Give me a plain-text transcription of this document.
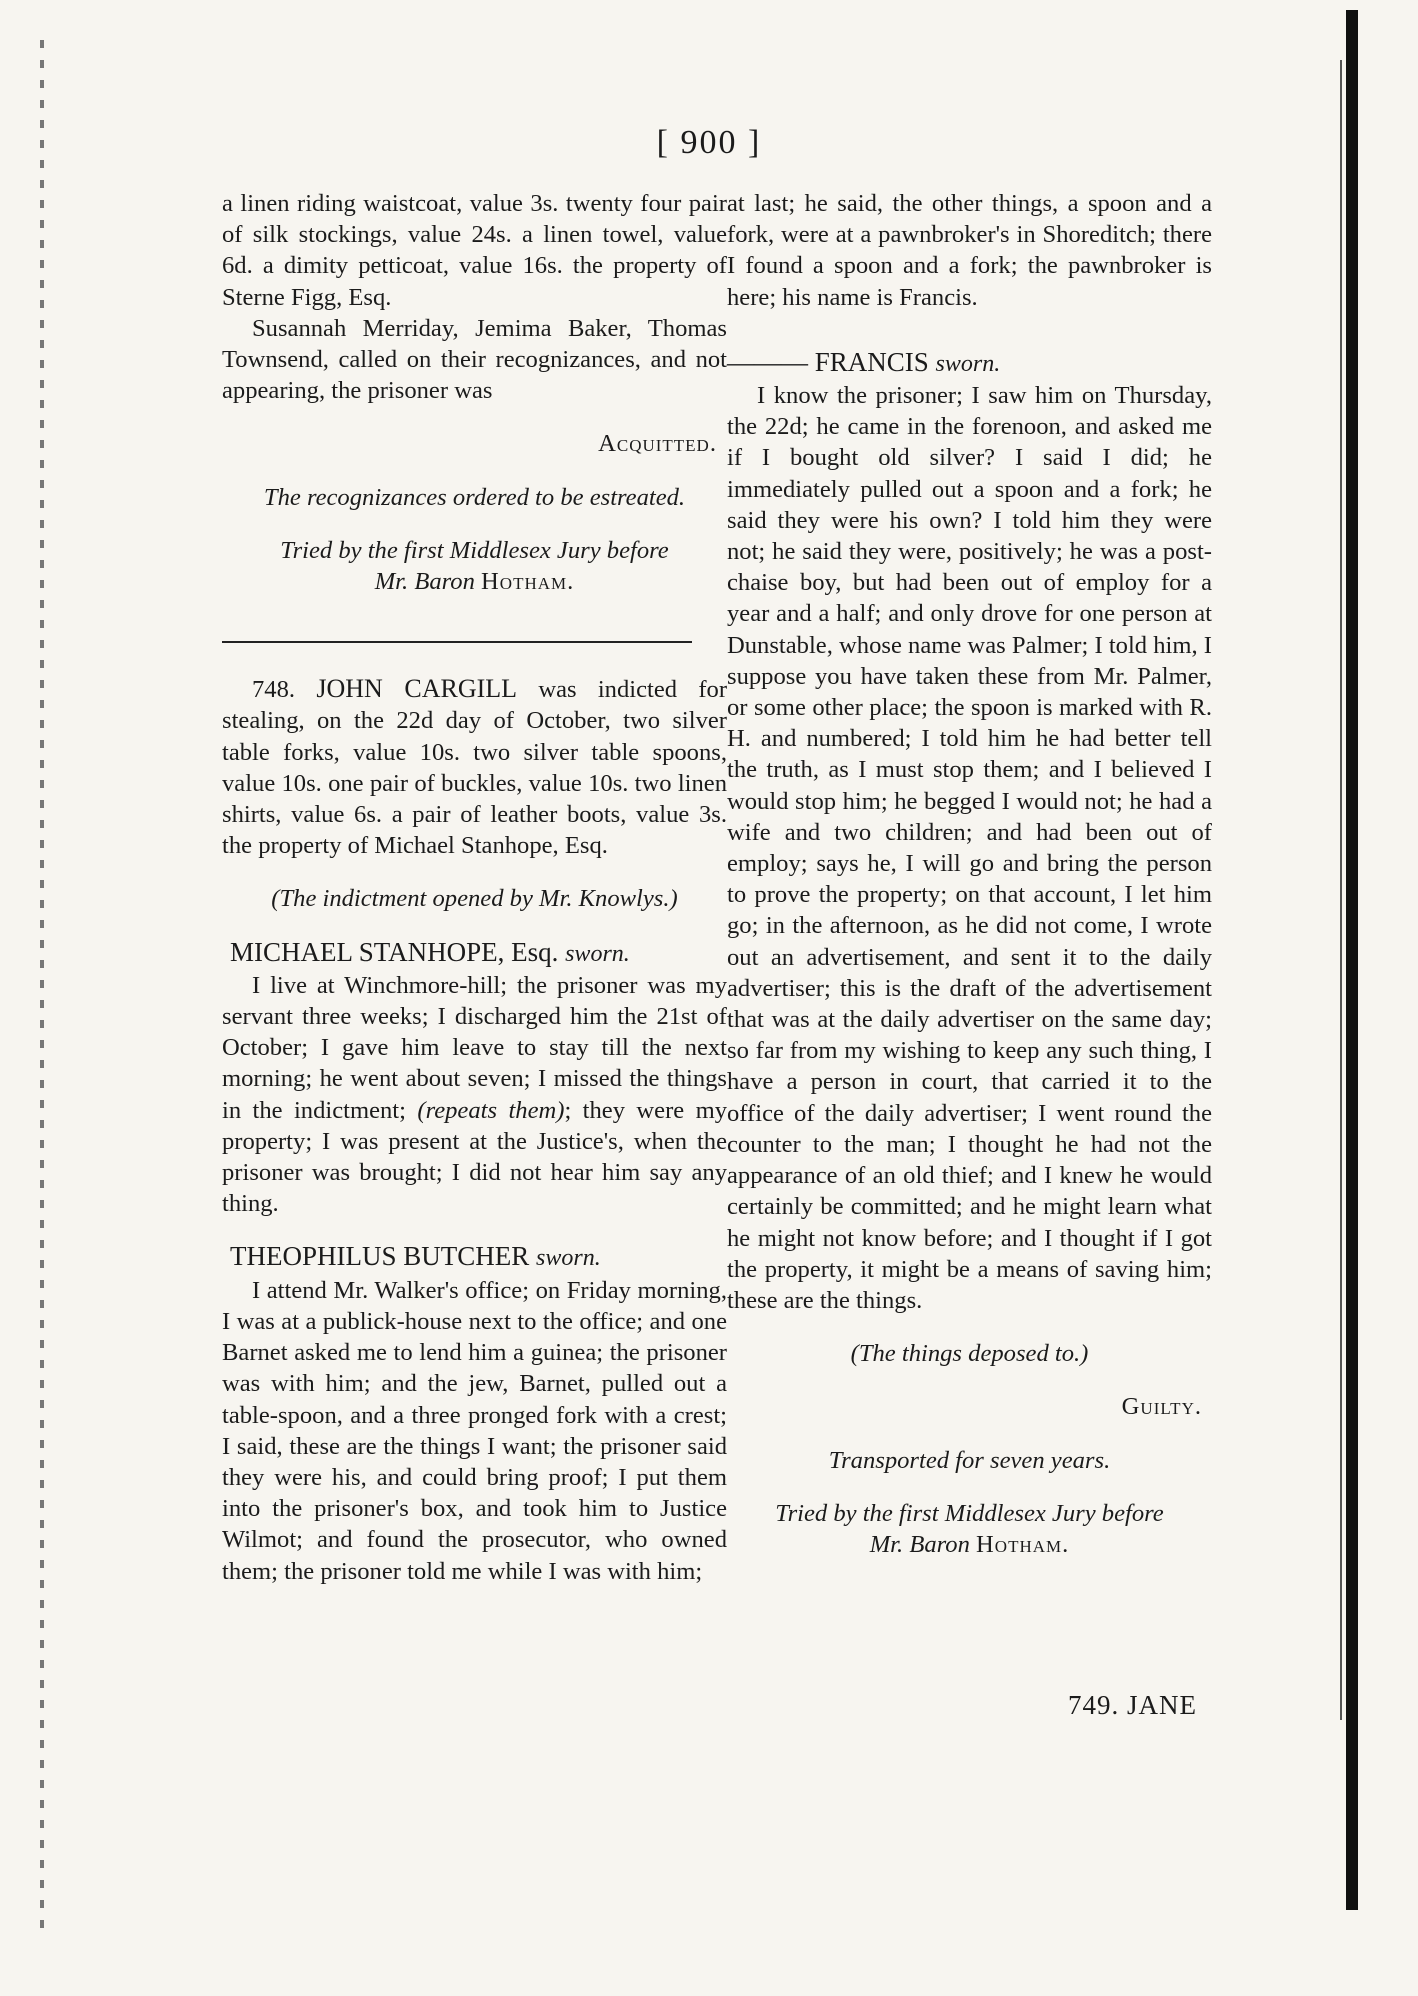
[ 900 ]

a linen riding waistcoat, value 3s. twenty four pair of silk stockings, value 24s. a linen towel, value 6d. a dimity petticoat, value 16s. the property of Sterne Figg, Esq.

Susannah Merriday, Jemima Baker, Thomas Townsend, called on their recognizances, and not appearing, the prisoner was

Acquitted.

The recognizances ordered to be estreated.

Tried by the first Middlesex Jury before

Mr. Baron Hotham.

748. JOHN CARGILL was indicted for stealing, on the 22d day of October, two silver table forks, value 10s. two silver table spoons, value 10s. one pair of buckles, value 10s. two linen shirts, value 6s. a pair of leather boots, value 3s. the property of Michael Stanhope, Esq.

(The indictment opened by Mr. Knowlys.)

MICHAEL STANHOPE, Esq. sworn.

I live at Winchmore-hill; the prisoner was my servant three weeks; I discharged him the 21st of October; I gave him leave to stay till the next morning; he went about seven; I missed the things in the indictment; (repeats them); they were my property; I was present at the Justice's, when the prisoner was brought; I did not hear him say any thing.

THEOPHILUS BUTCHER sworn.

I attend Mr. Walker's office; on Friday morning, I was at a publick-house next to the office; and one Barnet asked me to lend him a guinea; the prisoner was with him; and the jew, Barnet, pulled out a table-spoon, and a three pronged fork with a crest; I said, these are the things I want; the prisoner said they were his, and could bring proof; I put them into the prisoner's box, and took him to Justice Wilmot; and found the prosecutor, who owned them; the prisoner told me while I was with him;

at last; he said, the other things, a spoon and a fork, were at a pawnbroker's in Shoreditch; there I found a spoon and a fork; the pawnbroker is here; his name is Francis.

——— FRANCIS sworn.

I know the prisoner; I saw him on Thursday, the 22d; he came in the forenoon, and asked me if I bought old silver? I said I did; he immediately pulled out a spoon and a fork; he said they were his own? I told him they were not; he said they were, positively; he was a post-chaise boy, but had been out of employ for a year and a half; and only drove for one person at Dunstable, whose name was Palmer; I told him, I suppose you have taken these from Mr. Palmer, or some other place; the spoon is marked with R. H. and numbered; I told him he had better tell the truth, as I must stop them; and I believed I would stop him; he begged I would not; he had a wife and two children; and had been out of employ; says he, I will go and bring the person to prove the property; on that account, I let him go; in the afternoon, as he did not come, I wrote out an advertisement, and sent it to the daily advertiser; this is the draft of the advertisement that was at the daily advertiser on the same day; so far from my wishing to keep any such thing, I have a person in court, that carried it to the office of the daily advertiser; I went round the counter to the man; I thought he had not the appearance of an old thief; and I knew he would certainly be committed; and he might learn what he might not know before; and I thought if I got the property, it might be a means of saving him; these are the things.

(The things deposed to.)

Guilty.

Transported for seven years.

Tried by the first Middlesex Jury before

Mr. Baron Hotham.

749. JANE
